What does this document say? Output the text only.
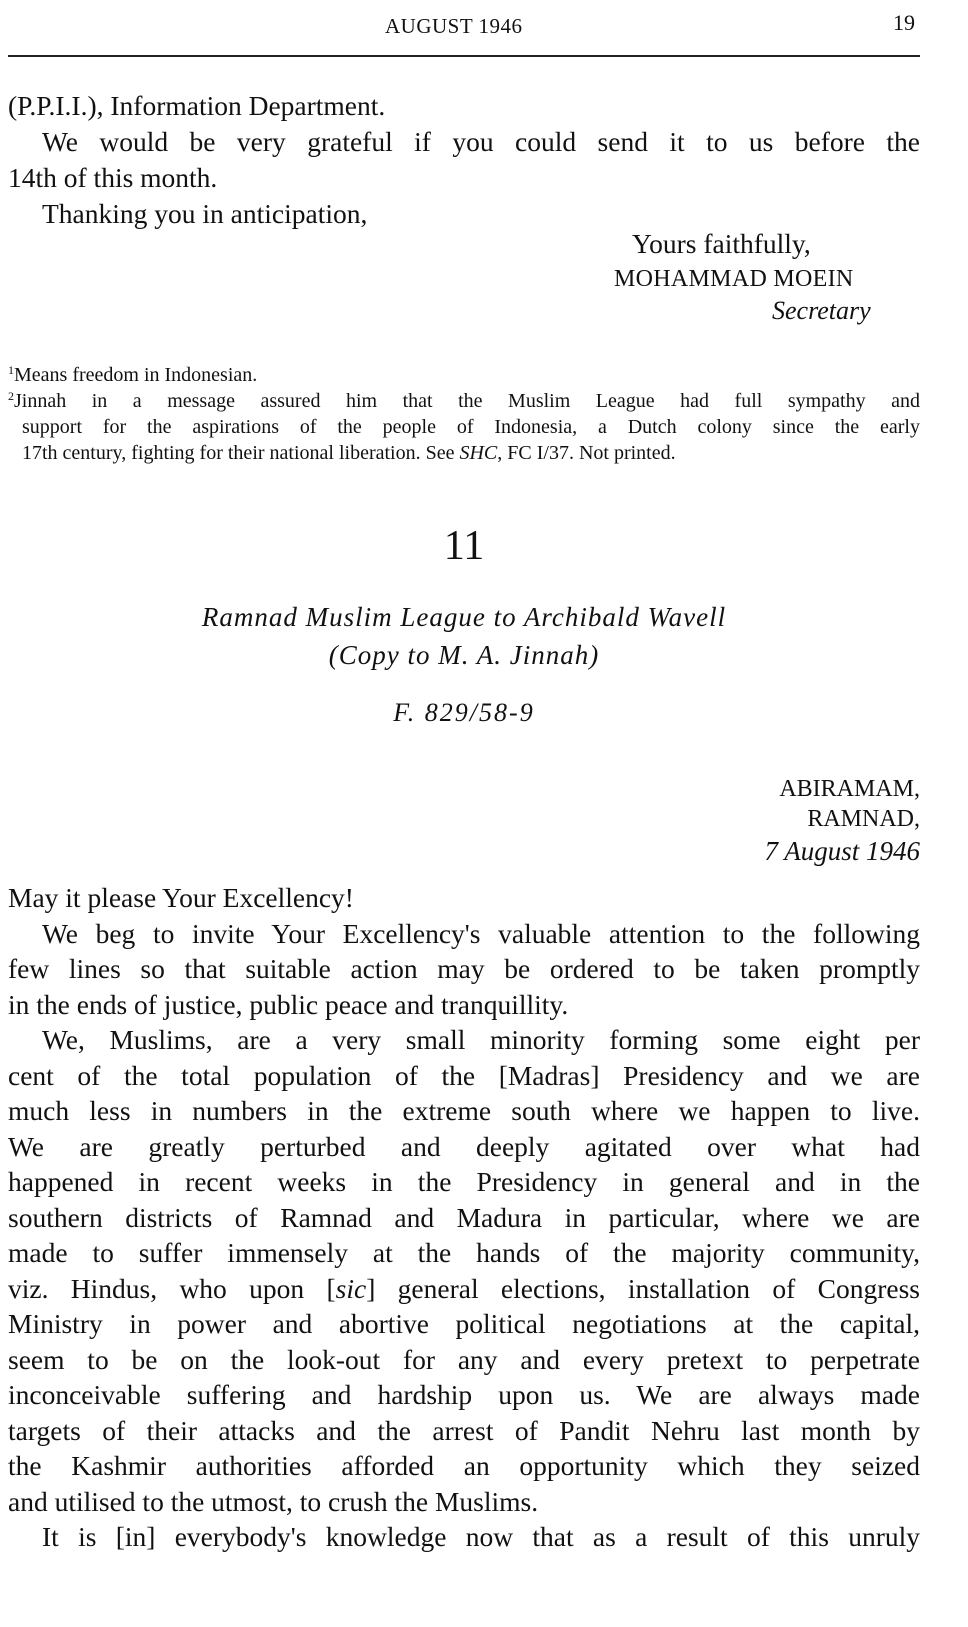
AUGUST 1946	19
(P.P.I.I.), Information Department.
We would be very grateful if you could send it to us before the
14th of this month.
Thanking you in anticipation,
Yours faithfully,
MOHAMMAD MOEIN
Secretary
$^1$Means freedom in Indonesian.
$^2$Jinnah in a message assured him that the Muslim League had full sympathy and
support for the aspirations of the people of Indonesia, a Dutch colony since the early
17th century, fighting for their national liberation. See SHC, FC I/37. Not printed.
11
Ramnad Muslim League to Archibald Wavell
(Copy to M. A. Jinnah)
F. 829/58-9
ABIRAMAM,
RAMNAD,
7 August 1946
May it please Your Excellency!
We beg to invite Your Excellency's valuable attention to the following
few lines so that suitable action may be ordered to be taken promptly
in the ends of justice, public peace and tranquillity.
We, Muslims, are a very small minority forming some eight per
cent of the total population of the [Madras] Presidency and we are
much less in numbers in the extreme south where we happen to live.
We are greatly perturbed and deeply agitated over what had
happened in recent weeks in the Presidency in general and in the
southern districts of Ramnad and Madura in particular, where we are
made to suffer immensely at the hands of the majority community,
viz. Hindus, who upon [sic] general elections, installation of Congress
Ministry in power and abortive political negotiations at the capital,
seem to be on the look-out for any and every pretext to perpetrate
inconceivable suffering and hardship upon us. We are always made
targets of their attacks and the arrest of Pandit Nehru last month by
the Kashmir authorities afforded an opportunity which they seized
and utilised to the utmost, to crush the Muslims.
It is [in] everybody's knowledge now that as a result of this unruly
